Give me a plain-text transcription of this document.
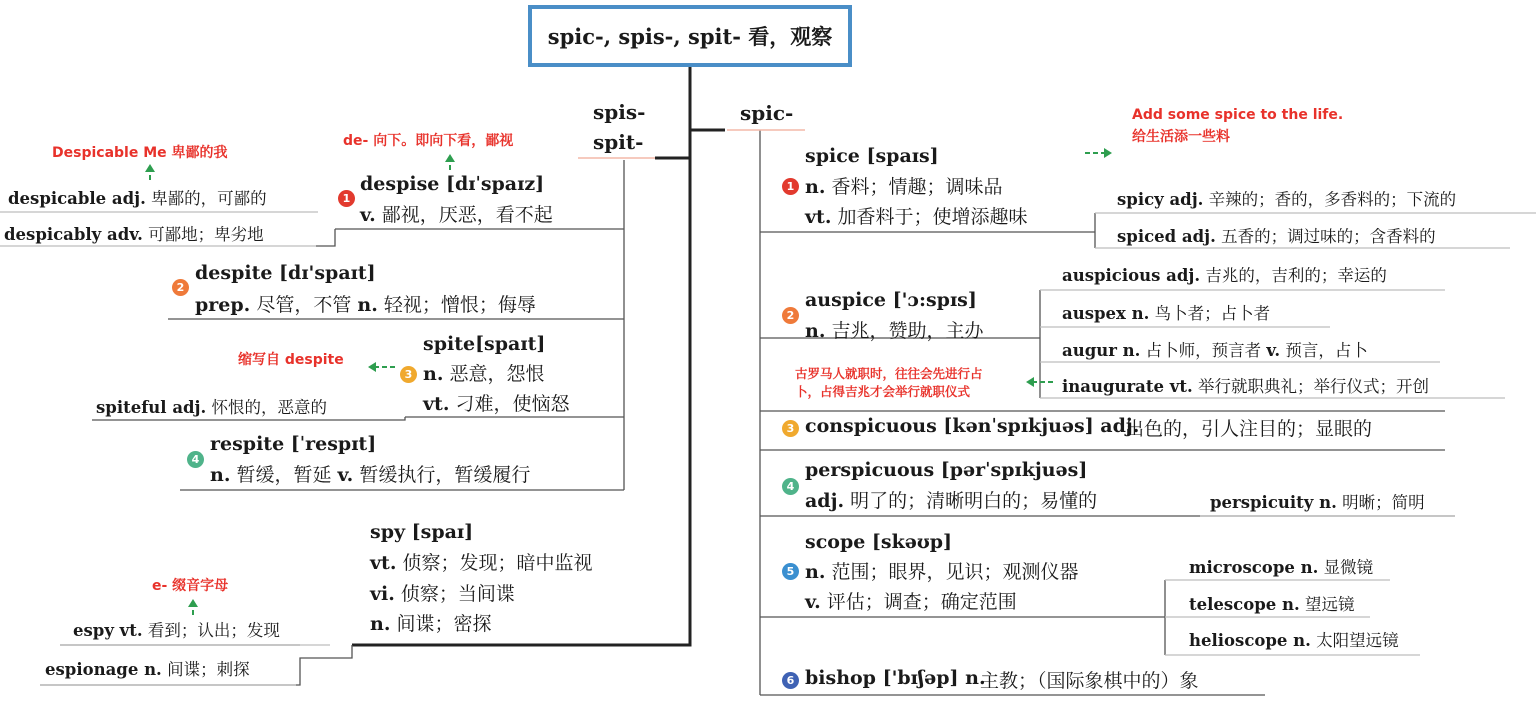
spic-, spis-, spit- 看，观察
spis-
spit-
spic-
de- 向下。即向下看，鄙视
1
despise [dɪˈspaɪz]
v. 鄙视，厌恶，看不起
Despicable Me 卑鄙的我
despicable adj. 卑鄙的，可鄙的
despicably adv. 可鄙地；卑劣地
2
despite [dɪ'spaɪt]
prep. 尽管，不管 n. 轻视；憎恨；侮辱
3
spite[spaɪt]
n. 恶意，怨恨
vt. 刁难，使恼怒
缩写自 despite
spiteful adj. 怀恨的，恶意的
4
respite [ˈrespɪt]
n. 暂缓，暂延 v. 暂缓执行，暂缓履行
spy [spaɪ]
vt. 侦察；发现；暗中监视
vi. 侦察；当间谍
n. 间谍；密探
e- 缀音字母
espy vt. 看到；认出；发现
espionage n. 间谍；刺探
Add some spice to the life.
给生活添一些料
spice [spaɪs]
1 n. 香料；情趣；调味品
vt. 加香料于；使增添趣味
spicy adj. 辛辣的；香的，多香料的；下流的
spiced adj. 五香的；调过味的；含香料的
auspice ['ɔ:spɪs]
2
n. 吉兆，赞助，主办
auspicious adj. 吉兆的，吉利的；幸运的
auspex n. 鸟卜者；占卜者
augur n. 占卜师，预言者 v. 预言，占卜
inaugurate vt. 举行就职典礼；举行仪式；开创
古罗马人就职时，往往会先进行占
卜，占得吉兆才会举行就职仪式
3 conspicuous [kənˈspɪkjuəs] adj.
出色的，引人注目的；显眼的
perspicuous [pərˈspɪkjuəs]
4
adj. 明了的；清晰明白的；易懂的	perspicuity n. 明晰；简明
scope [skəʊp]
5 n. 范围；眼界，见识；观测仪器
v. 评估；调查；确定范围
microscope n. 显微镜
telescope n. 望远镜
helioscope n. 太阳望远镜
6 bishop ['bɪʃəp] n.
主教；（国际象棋中的）象
